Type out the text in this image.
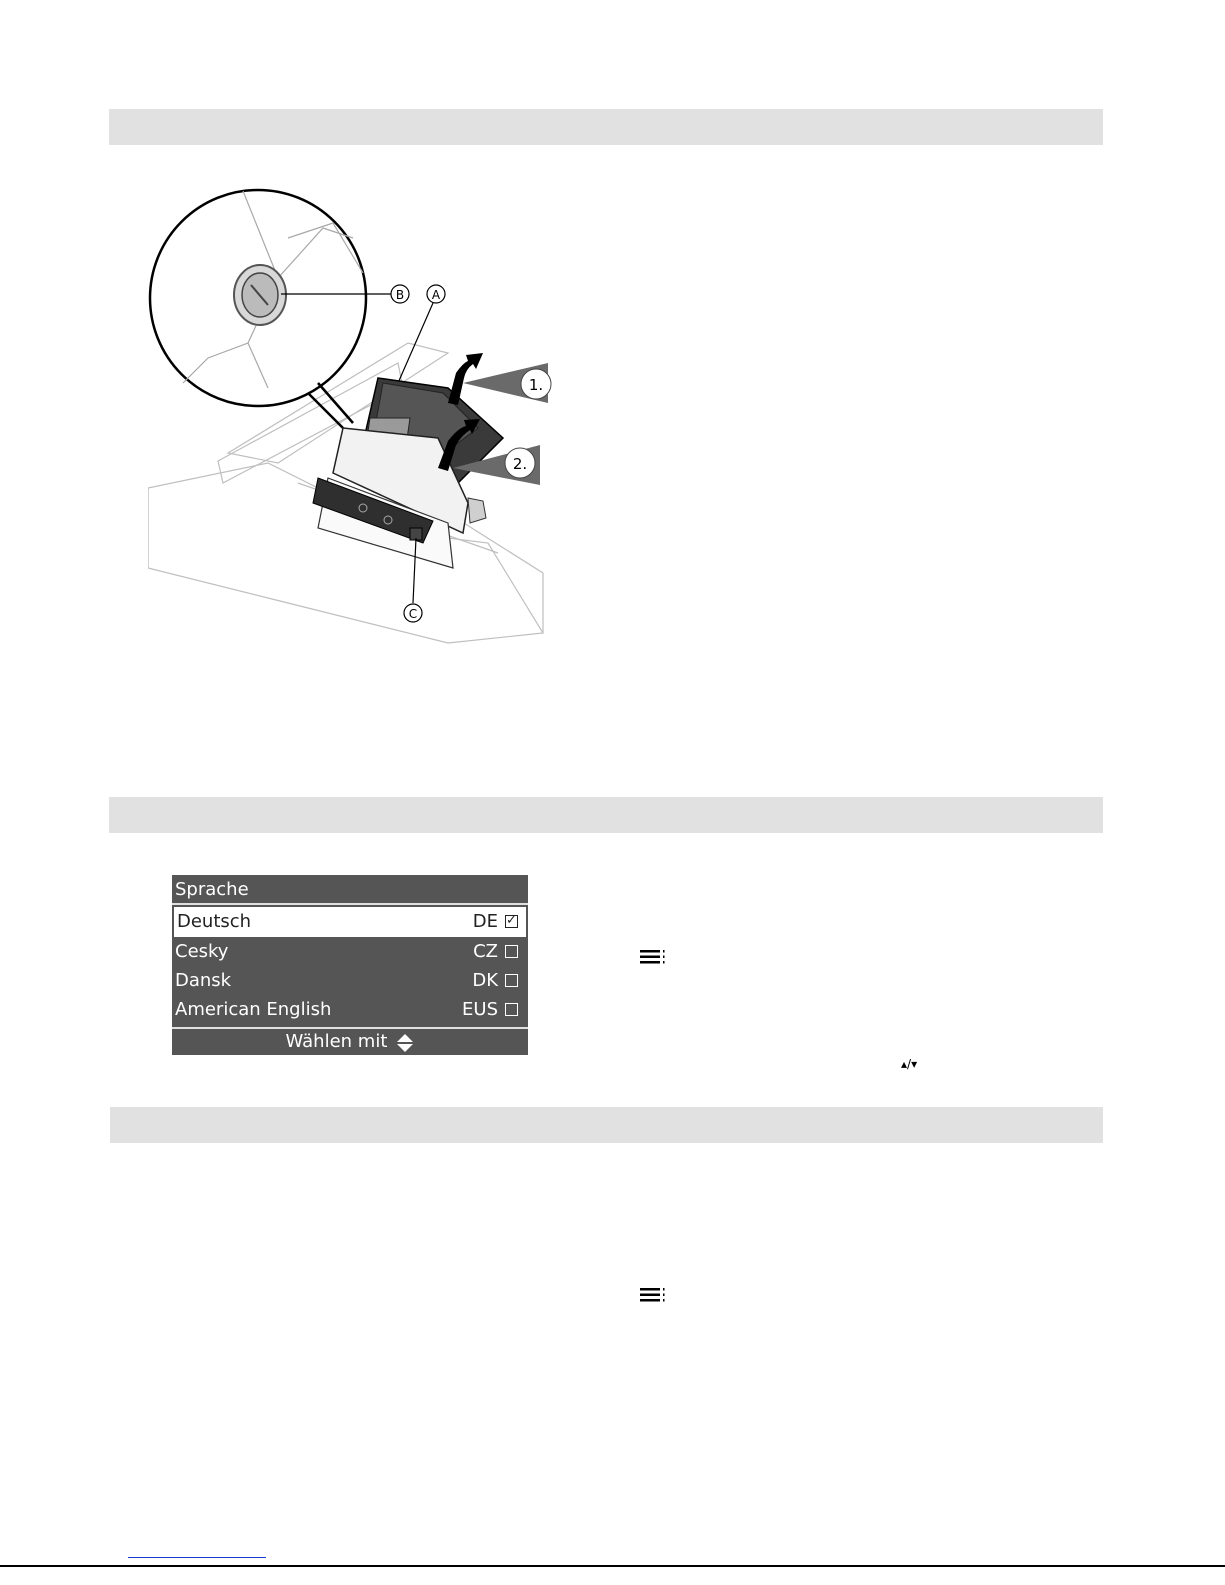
B A
1.
2.
C
Sprache
Deutsch	DE ✓
Cesky	CZ
Dansk	DK
American English	EUS
Wählen mit
▴/▾
